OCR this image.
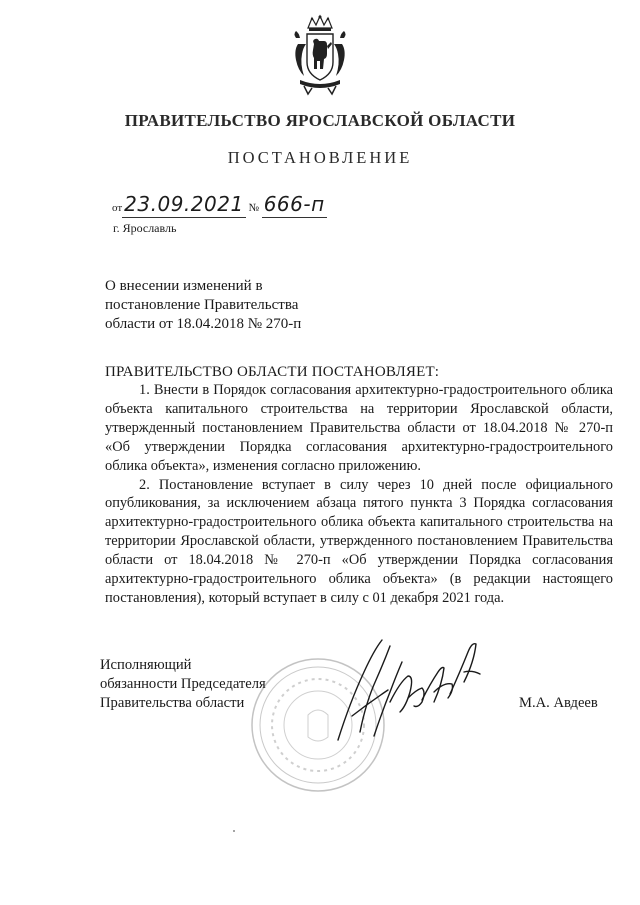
ПРАВИТЕЛЬСТВО ЯРОСЛАВСКОЙ ОБЛАСТИ
ПОСТАНОВЛЕНИЕ
от 23.09.2021 № 666-п
г. Ярославль
О внесении изменений в
постановление Правительства
области от 18.04.2018 № 270-п
ПРАВИТЕЛЬСТВО ОБЛАСТИ ПОСТАНОВЛЯЕТ:

1. Внести в Порядок согласования архитектурно-градостроительного облика объекта капитального строительства на территории Ярославской области, утвержденный постановлением Правительства области от 18.04.2018 № 270-п «Об утверждении Порядка согласования архитектурно-градостроительного облика объекта», изменения согласно приложению.

2. Постановление вступает в силу через 10 дней после официального опубликования, за исключением абзаца пятого пункта 3 Порядка согласования архитектурно-градостроительного облика объекта капитального строительства на территории Ярославской области, утвержденного постановлением Правительства области от 18.04.2018 № 270-п «Об утверждении Порядка согласования архитектурно-градостроительного облика объекта» (в редакции настоящего постановления), который вступает в силу с 01 декабря 2021 года.

Исполняющий
обязанности Председателя
Правительства области	М.А. Авдеев
